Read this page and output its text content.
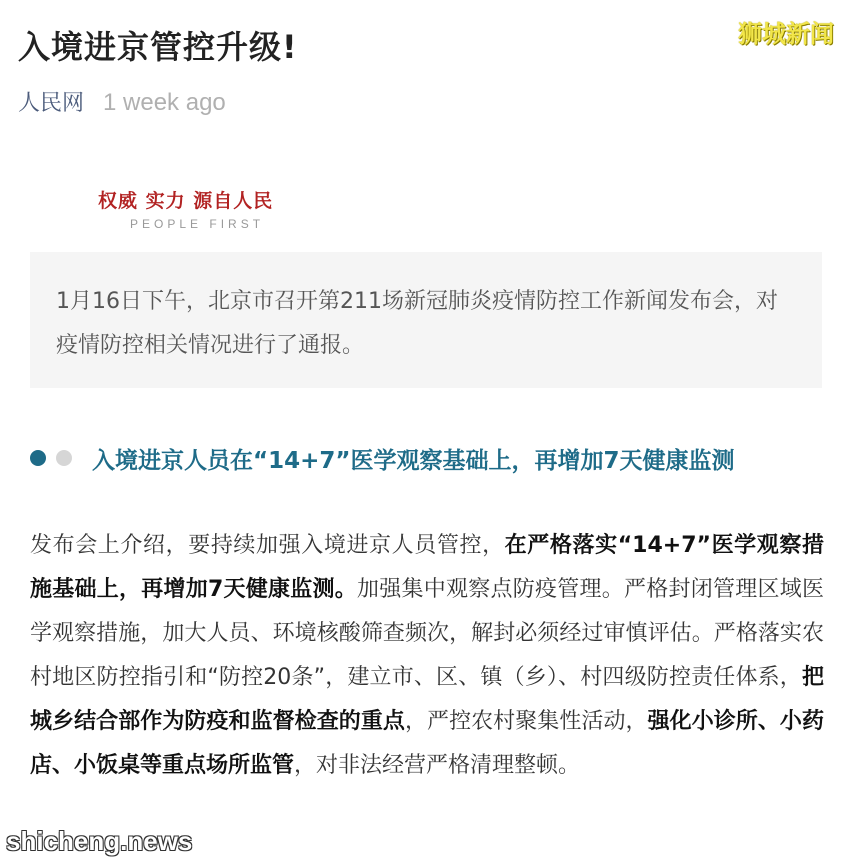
入境进京管控升级!	狮城新闻
人民网 1 week ago
权威 实力 源自人民
PEOPLE FIRST
1月16日下午，北京市召开第211场新冠肺炎疫情防控工作新闻发布会，对疫情防控相关情况进行了通报。
入境进京人员在“14+7”医学观察基础上，再增加7天健康监测
发布会上介绍，要持续加强入境进京人员管控，在严格落实“14+7”医学观察措施基础上，再增加7天健康监测。加强集中观察点防疫管理。严格封闭管理区域医学观察措施，加大人员、环境核酸筛查频次，解封必须经过审慎评估。严格落实农村地区防控指引和“防控20条”，建立市、区、镇（乡）、村四级防控责任体系，把城乡结合部作为防疫和监督检查的重点，严控农村聚集性活动，强化小诊所、小药店、小饭桌等重点场所监管，对非法经营严格清理整顿。
shicheng.news
